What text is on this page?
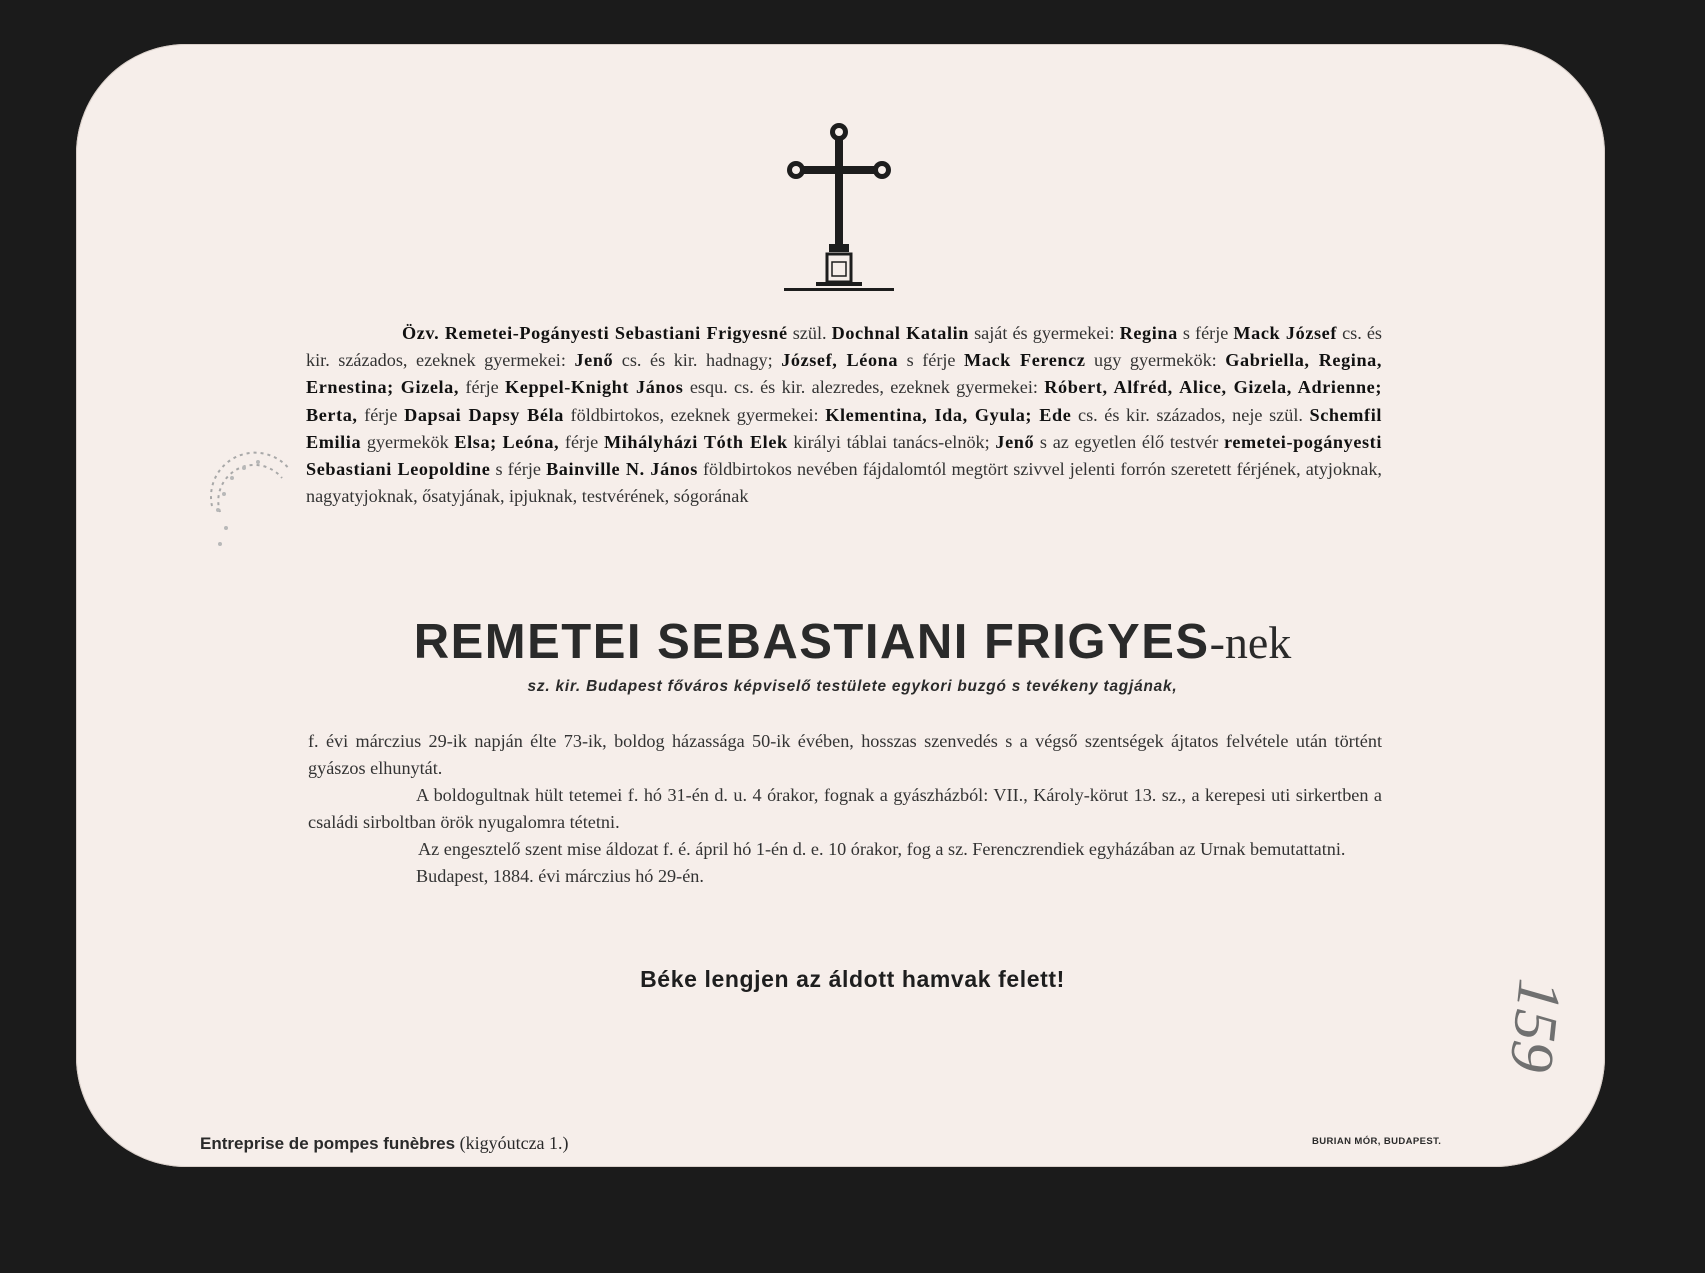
Özv. Remetei-Pogányesti Sebastiani Frigyesné szül. Dochnal Katalin saját és gyermekei: Regina s férje Mack József cs. és kir. százados, ezeknek gyermekei: Jenő cs. és kir. hadnagy; József, Léona s férje Mack Ferencz ugy gyermekök: Gabriella, Regina, Ernestina; Gizela, férje Keppel-Knight János esqu. cs. és kir. alezredes, ezeknek gyermekei: Róbert, Alfréd, Alice, Gizela, Adrienne; Berta, férje Dapsai Dapsy Béla földbirtokos, ezeknek gyermekei: Klementina, Ida, Gyula; Ede cs. és kir. százados, neje szül. Schemfil Emilia gyermekök Elsa; Leóna, férje Mihályházi Tóth Elek királyi táblai tanács-elnök; Jenő s az egyetlen élő testvér remetei-pogányesti Sebastiani Leopoldine s férje Bainville N. János földbirtokos nevében fájdalomtól megtört szivvel jelenti forrón szeretett férjének, atyjoknak, nagyatyjoknak, ősatyjának, ipjuknak, testvérének, sógorának
REMETEI SEBASTIANI FRIGYES-nek
sz. kir. Budapest főváros képviselő testülete egykori buzgó s tevékeny tagjának,

f. évi márczius 29-ik napján élte 73-ik, boldog házassága 50-ik évében, hosszas szenvedés s a végső szentségek ájtatos felvétele után történt gyászos elhunytát.

A boldogultnak hült tetemei f. hó 31-én d. u. 4 órakor, fognak a gyászházból: VII., Károly-körut 13. sz., a kerepesi uti sirkertben a családi sirboltban örök nyugalomra tétetni.

Az engesztelő szent mise áldozat f. é. ápril hó 1-én d. e. 10 órakor, fog a sz. Ferenczrendiek egyházában az Urnak bemutattatni.

Budapest, 1884. évi márczius hó 29-én.

Béke lengjen az áldott hamvak felett!
Entreprise de pompes funèbres (kigyóutcza 1.)	BURIAN MÓR, BUDAPEST.
159
